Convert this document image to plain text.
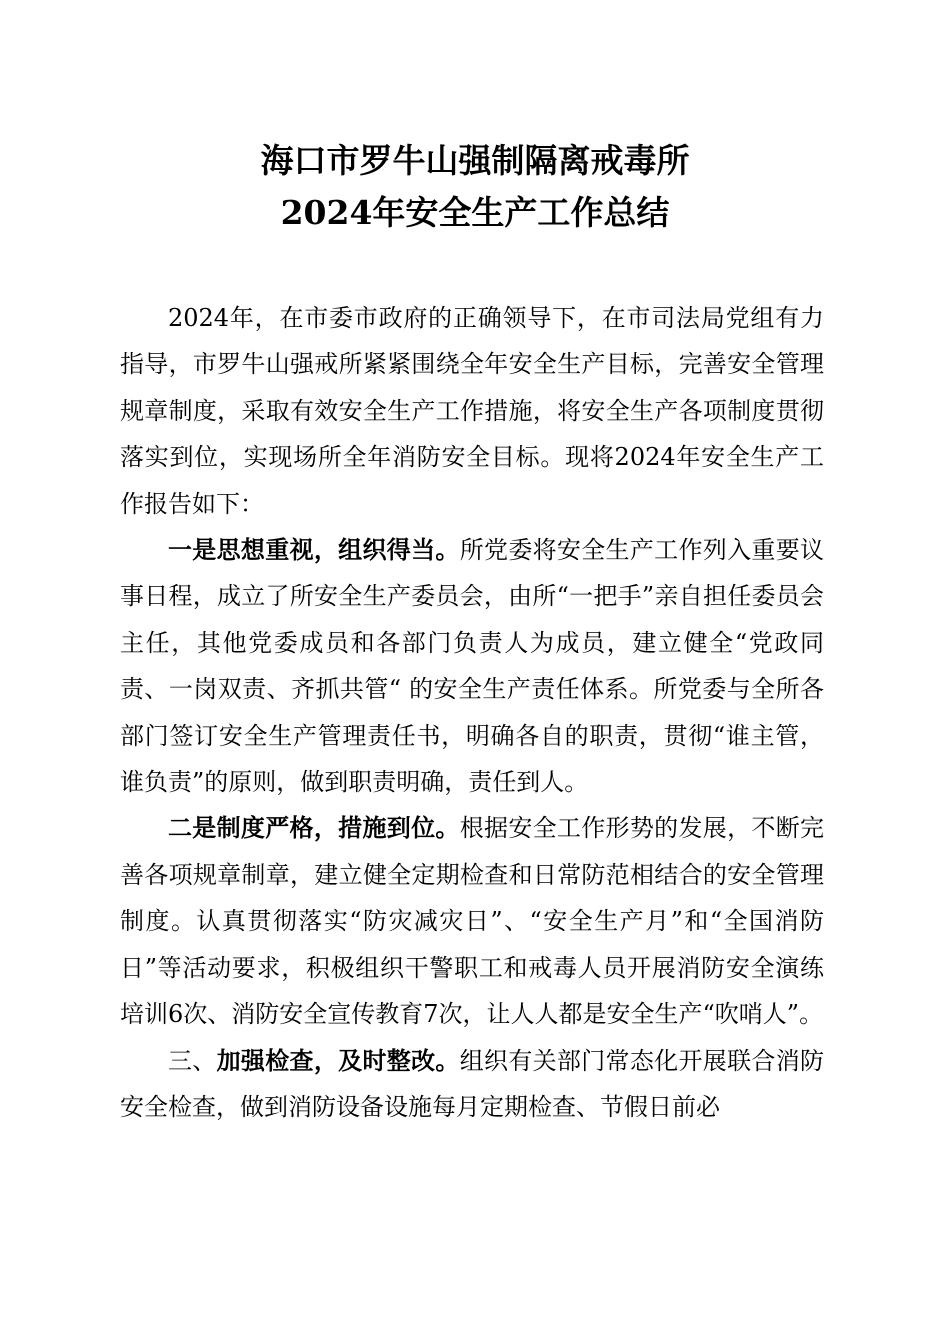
海口市罗牛山强制隔离戒毒所
2024年安全生产工作总结

2024年，在市委市政府的正确领导下，在市司法局党组有力指导，市罗牛山强戒所紧紧围绕全年安全生产目标，完善安全管理规章制度，采取有效安全生产工作措施，将安全生产各项制度贯彻落实到位，实现场所全年消防安全目标。现将2024年安全生产工作报告如下：

一是思想重视，组织得当。所党委将安全生产工作列入重要议事日程，成立了所安全生产委员会，由所“一把手”亲自担任委员会主任，其他党委成员和各部门负责人为成员，建立健全“党政同责、一岗双责、齐抓共管“ 的安全生产责任体系。所党委与全所各部门签订安全生产管理责任书，明确各自的职责，贯彻“谁主管，谁负责”的原则，做到职责明确，责任到人。

二是制度严格，措施到位。根据安全工作形势的发展，不断完善各项规章制章，建立健全定期检查和日常防范相结合的安全管理制度。认真贯彻落实“防灾减灾日”、“安全生产月”和“全国消防日”等活动要求，积极组织干警职工和戒毒人员开展消防安全演练培训6次、消防安全宣传教育7次，让人人都是安全生产“吹哨人”。

三、加强检查，及时整改。组织有关部门常态化开展联合消防安全检查，做到消防设备设施每月定期检查、节假日前必
